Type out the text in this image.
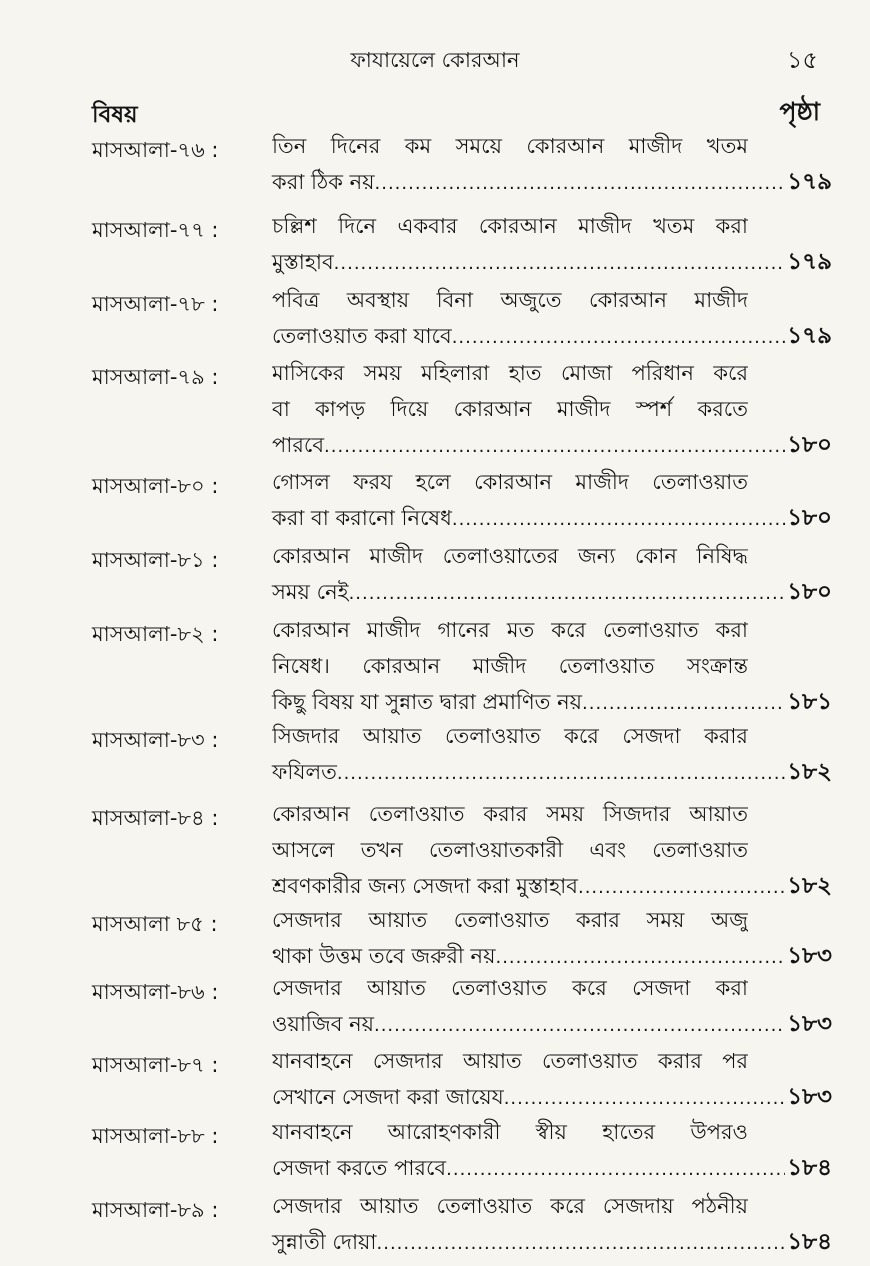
ফাযায়েলে কোরআন	১৫
বিষয়	পৃষ্ঠা
মাসআলা-৭৬ :	তিন দিনের কম সময়ে কোরআন মাজীদ খতম
করা ঠিক নয় .....	১৭৯
মাসআলা-৭৭ :	চল্লিশ দিনে একবার কোরআন মাজীদ খতম করা
মুস্তাহাব .....	১৭৯
মাসআলা-৭৮ :	পবিত্র অবস্থায় বিনা অজুতে কোরআন মাজীদ
তেলাওয়াত করা যাবে .....	১৭৯
মাসআলা-৭৯ :	মাসিকের সময় মহিলারা হাত মোজা পরিধান করে
বা কাপড় দিয়ে কোরআন মাজীদ স্পর্শ করতে
পারবে .....	১৮০
মাসআলা-৮০ :	গোসল ফরয হলে কোরআন মাজীদ তেলাওয়াত
করা বা করানো নিষেধ .....	১৮০
মাসআলা-৮১ :	কোরআন মাজীদ তেলাওয়াতের জন্য কোন নিষিদ্ধ
সময় নেই .....	১৮০
মাসআলা-৮২ :	কোরআন মাজীদ গানের মত করে তেলাওয়াত করা
নিষেধ। কোরআন মাজীদ তেলাওয়াত সংক্রান্ত
কিছু বিষয় যা সুন্নাত দ্বারা প্রমাণিত নয় .....	১৮১
মাসআলা-৮৩ :	সিজদার আয়াত তেলাওয়াত করে সেজদা করার
ফযিলত .....	১৮২
মাসআলা-৮৪ :	কোরআন তেলাওয়াত করার সময় সিজদার আয়াত
আসলে তখন তেলাওয়াতকারী এবং তেলাওয়াত
শ্রবণকারীর জন্য সেজদা করা মুস্তাহাব .....	১৮২
মাসআলা ৮৫ :	সেজদার আয়াত তেলাওয়াত করার সময় অজু
থাকা উত্তম তবে জরুরী নয় .....	১৮৩
মাসআলা-৮৬ :	সেজদার আয়াত তেলাওয়াত করে সেজদা করা
ওয়াজিব নয় .....	১৮৩
মাসআলা-৮৭ :	যানবাহনে সেজদার আয়াত তেলাওয়াত করার পর
সেখানে সেজদা করা জায়েয .....	১৮৩
মাসআলা-৮৮ :	যানবাহনে আরোহণকারী স্বীয় হাতের উপরও
সেজদা করতে পারবে .....	১৮৪
মাসআলা-৮৯ :	সেজদার আয়াত তেলাওয়াত করে সেজদায় পঠনীয়
সুন্নাতী দোয়া .....	১৮৪
